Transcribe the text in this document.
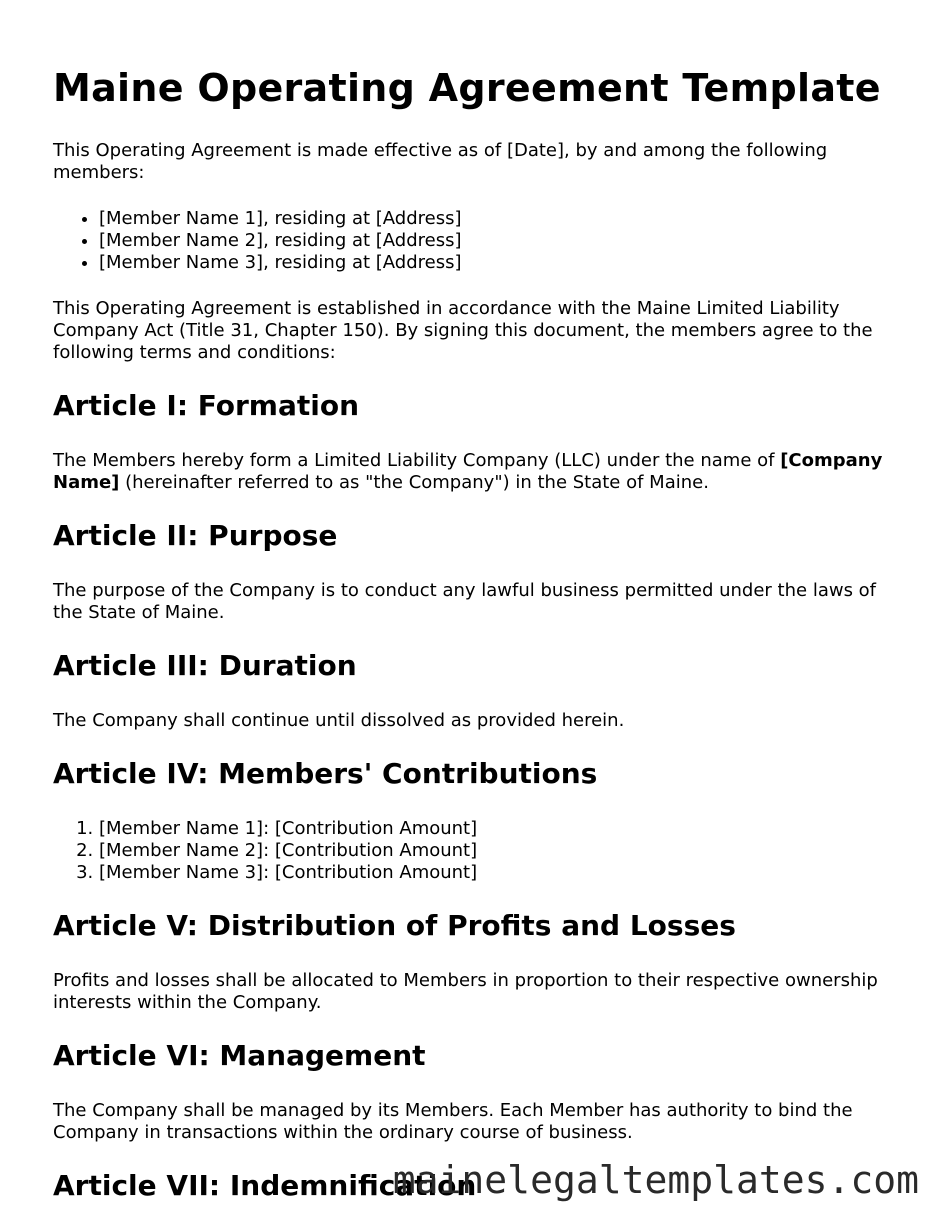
Maine Operating Agreement Template

This Operating Agreement is made effective as of [Date], by and among the following members:

• [Member Name 1], residing at [Address]
• [Member Name 2], residing at [Address]
• [Member Name 3], residing at [Address]

This Operating Agreement is established in accordance with the Maine Limited Liability Company Act (Title 31, Chapter 150). By signing this document, the members agree to the following terms and conditions:

Article I: Formation

The Members hereby form a Limited Liability Company (LLC) under the name of [Company Name] (hereinafter referred to as "the Company") in the State of Maine.

Article II: Purpose

The purpose of the Company is to conduct any lawful business permitted under the laws of the State of Maine.

Article III: Duration

The Company shall continue until dissolved as provided herein.

Article IV: Members' Contributions
1. [Member Name 1]: [Contribution Amount]
2. [Member Name 2]: [Contribution Amount]
3. [Member Name 3]: [Contribution Amount]
Article V: Distribution of Profits and Losses

Profits and losses shall be allocated to Members in proportion to their respective ownership interests within the Company.

Article VI: Management

The Company shall be managed by its Members. Each Member has authority to bind the Company in transactions within the ordinary course of business.

Article VII: Indemnification
mainelegaltemplates.com
